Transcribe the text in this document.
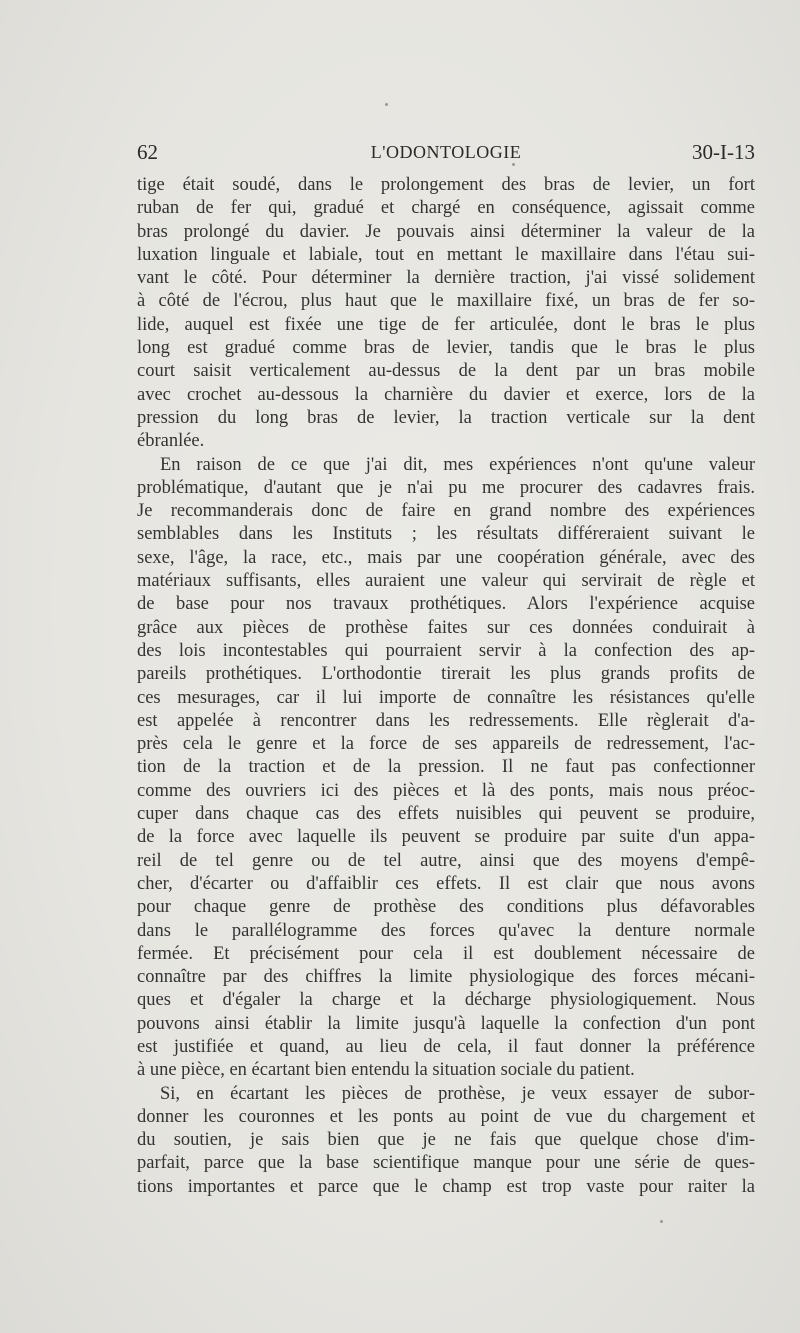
62	L'ODONTOLOGIE	30-I-13
tige était soudé, dans le prolongement des bras de levier, un fort
ruban de fer qui, gradué et chargé en conséquence, agissait comme
bras prolongé du davier. Je pouvais ainsi déterminer la valeur de la
luxation linguale et labiale, tout en mettant le maxillaire dans l'étau sui-
vant le côté. Pour déterminer la dernière traction, j'ai vissé solidement
à côté de l'écrou, plus haut que le maxillaire fixé, un bras de fer so-
lide, auquel est fixée une tige de fer articulée, dont le bras le plus
long est gradué comme bras de levier, tandis que le bras le plus
court saisit verticalement au-dessus de la dent par un bras mobile
avec crochet au-dessous la charnière du davier et exerce, lors de la
pression du long bras de levier, la traction verticale sur la dent
ébranlée.
En raison de ce que j'ai dit, mes expériences n'ont qu'une valeur
problématique, d'autant que je n'ai pu me procurer des cadavres frais.
Je recommanderais donc de faire en grand nombre des expériences
semblables dans les Instituts ; les résultats différeraient suivant le
sexe, l'âge, la race, etc., mais par une coopération générale, avec des
matériaux suffisants, elles auraient une valeur qui servirait de règle et
de base pour nos travaux prothétiques. Alors l'expérience acquise
grâce aux pièces de prothèse faites sur ces données conduirait à
des lois incontestables qui pourraient servir à la confection des ap-
pareils prothétiques. L'orthodontie tirerait les plus grands profits de
ces mesurages, car il lui importe de connaître les résistances qu'elle
est appelée à rencontrer dans les redressements. Elle règlerait d'a-
près cela le genre et la force de ses appareils de redressement, l'ac-
tion de la traction et de la pression. Il ne faut pas confectionner
comme des ouvriers ici des pièces et là des ponts, mais nous préoc-
cuper dans chaque cas des effets nuisibles qui peuvent se produire,
de la force avec laquelle ils peuvent se produire par suite d'un appa-
reil de tel genre ou de tel autre, ainsi que des moyens d'empê-
cher, d'écarter ou d'affaiblir ces effets. Il est clair que nous avons
pour chaque genre de prothèse des conditions plus défavorables
dans le parallélogramme des forces qu'avec la denture normale
fermée. Et précisément pour cela il est doublement nécessaire de
connaître par des chiffres la limite physiologique des forces mécani-
ques et d'égaler la charge et la décharge physiologiquement. Nous
pouvons ainsi établir la limite jusqu'à laquelle la confection d'un pont
est justifiée et quand, au lieu de cela, il faut donner la préférence
à une pièce, en écartant bien entendu la situation sociale du patient.
Si, en écartant les pièces de prothèse, je veux essayer de subor-
donner les couronnes et les ponts au point de vue du chargement et
du soutien, je sais bien que je ne fais que quelque chose d'im-
parfait, parce que la base scientifique manque pour une série de ques-
tions importantes et parce que le champ est trop vaste pour raiter la
